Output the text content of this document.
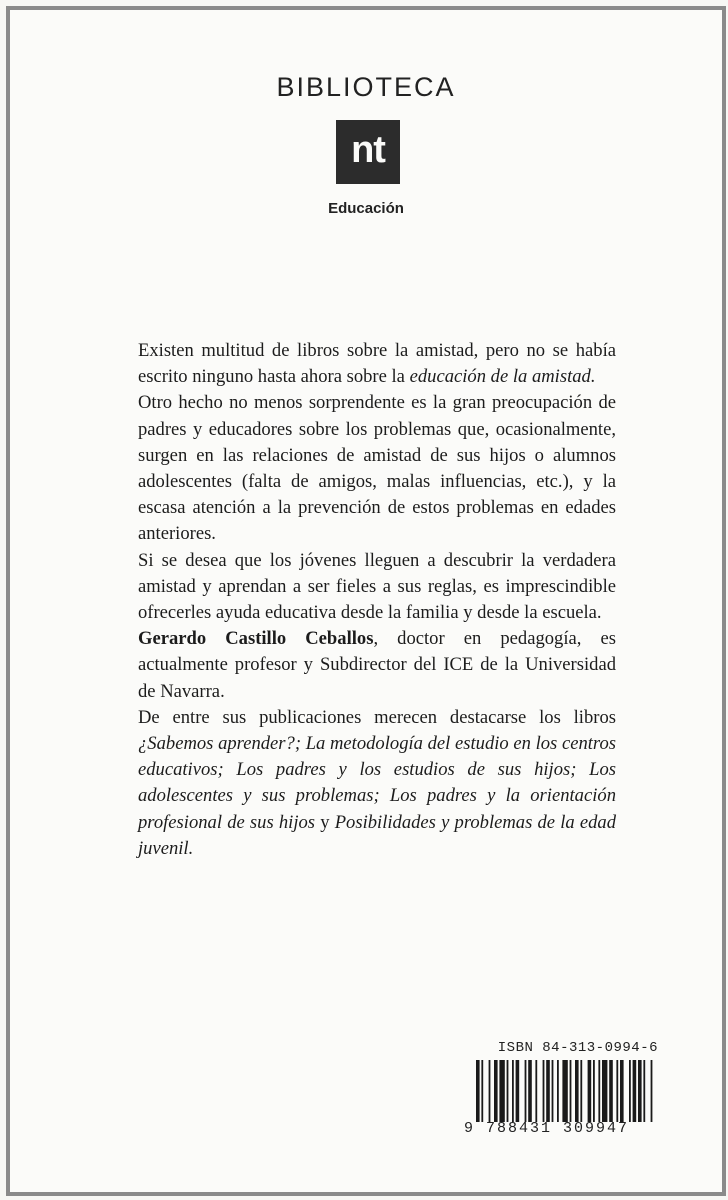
BIBLIOTECA
nt
Educación

Existen multitud de libros sobre la amistad, pero no se había escrito ninguno hasta ahora sobre la educación de la amistad.

Otro hecho no menos sorprendente es la gran preocupación de padres y educadores sobre los problemas que, ocasionalmente, surgen en las relaciones de amistad de sus hijos o alumnos adolescentes (falta de amigos, malas influencias, etc.), y la escasa atención a la prevención de estos problemas en edades anteriores.

Si se desea que los jóvenes lleguen a descubrir la verdadera amistad y aprendan a ser fieles a sus reglas, es imprescindible ofrecerles ayuda educativa desde la familia y desde la escuela.

Gerardo Castillo Ceballos, doctor en pedagogía, es actualmente profesor y Subdirector del ICE de la Universidad de Navarra.

De entre sus publicaciones merecen destacarse los libros ¿Sabemos aprender?; La metodología del estudio en los centros educativos; Los padres y los estudios de sus hijos; Los adolescentes y sus problemas; Los padres y la orientación profesional de sus hijos y Posibilidades y problemas de la edad juvenil.

ISBN 84-313-0994-6
9 788431 309947
